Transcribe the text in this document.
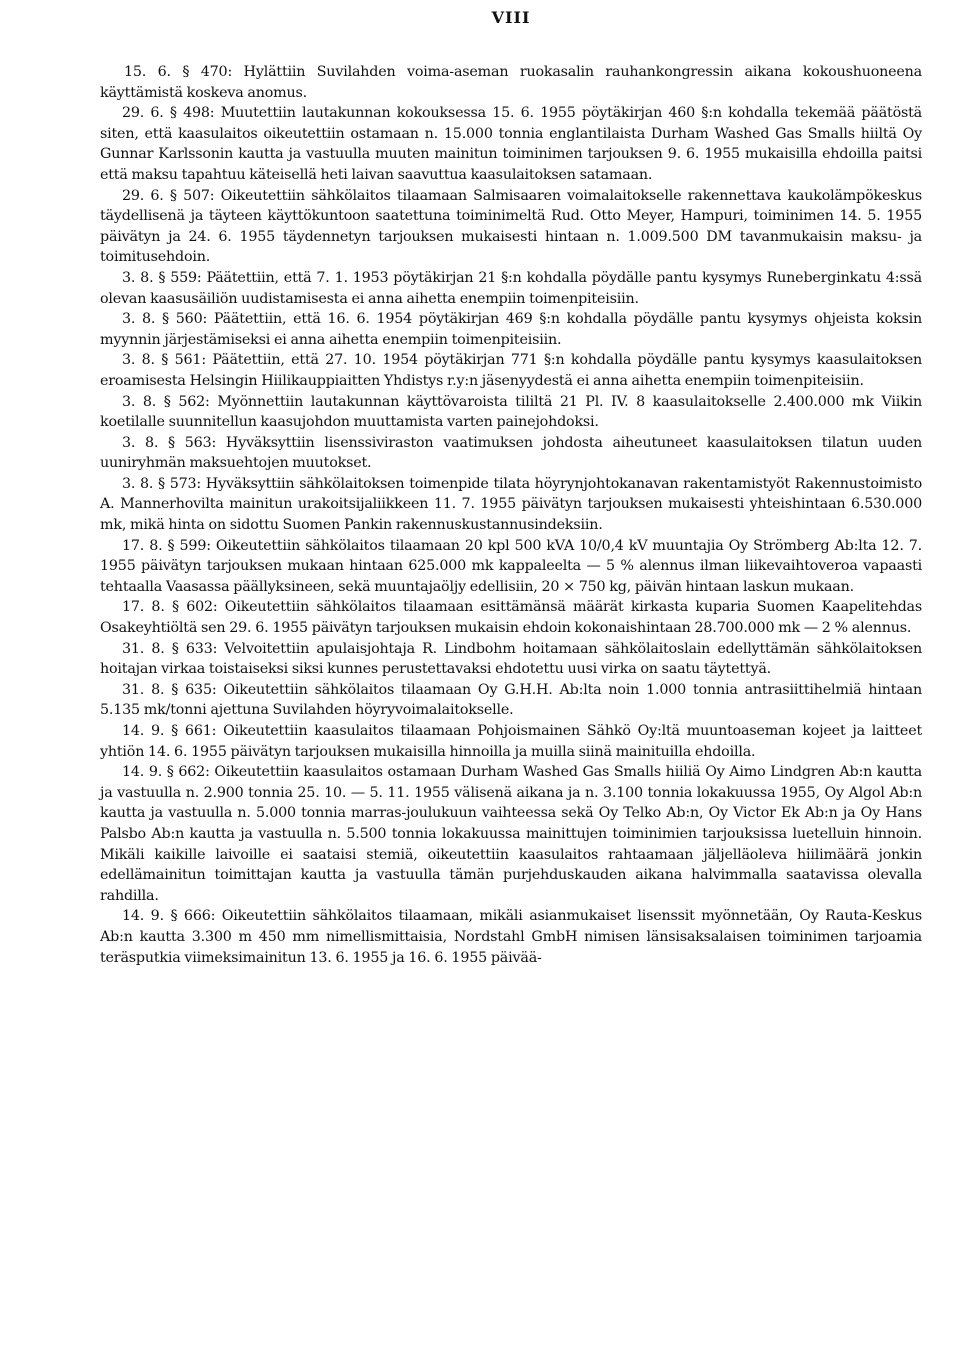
VIII

15. 6. § 470: Hylättiin Suvilahden voima-aseman ruokasalin rauhankongressin aikana kokoushuoneena käyttämistä koskeva anomus.

29. 6. § 498: Muutettiin lautakunnan kokouksessa 15. 6. 1955 pöytäkirjan 460 §:n kohdalla tekemää päätöstä siten, että kaasulaitos oikeutettiin ostamaan n. 15.000 tonnia englantilaista Durham Washed Gas Smalls hiiltä Oy Gunnar Karlssonin kautta ja vastuulla muuten mainitun toiminimen tarjouksen 9. 6. 1955 mukaisilla ehdoilla paitsi että maksu tapahtuu käteisellä heti laivan saavuttua kaasulaitoksen satamaan.

29. 6. § 507: Oikeutettiin sähkölaitos tilaamaan Salmisaaren voimalaitokselle rakennettava kaukolämpökeskus täydellisenä ja täyteen käyttökuntoon saatettuna toiminimeltä Rud. Otto Meyer, Hampuri, toiminimen 14. 5. 1955 päivätyn ja 24. 6. 1955 täydennetyn tarjouksen mukaisesti hintaan n. 1.009.500 DM tavanmukaisin maksu- ja toimitusehdoin.

3. 8. § 559: Päätettiin, että 7. 1. 1953 pöytäkirjan 21 §:n kohdalla pöydälle pantu kysymys Runeberginkatu 4:ssä olevan kaasusäiliön uudistamisesta ei anna aihetta enempiin toimenpiteisiin.

3. 8. § 560: Päätettiin, että 16. 6. 1954 pöytäkirjan 469 §:n kohdalla pöydälle pantu kysymys ohjeista koksin myynnin järjestämiseksi ei anna aihetta enempiin toimenpiteisiin.

3. 8. § 561: Päätettiin, että 27. 10. 1954 pöytäkirjan 771 §:n kohdalla pöydälle pantu kysymys kaasulaitoksen eroamisesta Helsingin Hiilikauppiaitten Yhdistys r.y:n jäsenyydestä ei anna aihetta enempiin toimenpiteisiin.

3. 8. § 562: Myönnettiin lautakunnan käyttövaroista tililtä 21 Pl. IV. 8 kaasulaitokselle 2.400.000 mk Viikin koetilalle suunnitellun kaasujohdon muuttamista varten painejohdoksi.

3. 8. § 563: Hyväksyttiin lisenssiviraston vaatimuksen johdosta aiheutuneet kaasulaitoksen tilatun uuden uuniryhmän maksuehtojen muutokset.

3. 8. § 573: Hyväksyttiin sähkölaitoksen toimenpide tilata höyrynjohtokanavan rakentamistyöt Rakennustoimisto A. Mannerhovilta mainitun urakoitsijaliikkeen 11. 7. 1955 päivätyn tarjouksen mukaisesti yhteishintaan 6.530.000 mk, mikä hinta on sidottu Suomen Pankin rakennuskustannusindeksiin.

17. 8. § 599: Oikeutettiin sähkölaitos tilaamaan 20 kpl 500 kVA 10/0,4 kV muuntajia Oy Strömberg Ab:lta 12. 7. 1955 päivätyn tarjouksen mukaan hintaan 625.000 mk kappaleelta — 5 % alennus ilman liikevaihtoveroa vapaasti tehtaalla Vaasassa päällyksineen, sekä muuntajaöljy edellisiin, 20 × 750 kg, päivän hintaan laskun mukaan.

17. 8. § 602: Oikeutettiin sähkölaitos tilaamaan esittämänsä määrät kirkasta kuparia Suomen Kaapelitehdas Osakeyhtiöltä sen 29. 6. 1955 päivätyn tarjouksen mukaisin ehdoin kokonaishintaan 28.700.000 mk — 2 % alennus.

31. 8. § 633: Velvoitettiin apulaisjohtaja R. Lindbohm hoitamaan sähkölaitoslain edellyttämän sähkölaitoksen hoitajan virkaa toistaiseksi siksi kunnes perustettavaksi ehdotettu uusi virka on saatu täytettyä.

31. 8. § 635: Oikeutettiin sähkölaitos tilaamaan Oy G.H.H. Ab:lta noin 1.000 tonnia antrasiittihelmiä hintaan 5.135 mk/tonni ajettuna Suvilahden höyryvoimalaitokselle.

14. 9. § 661: Oikeutettiin kaasulaitos tilaamaan Pohjoismainen Sähkö Oy:ltä muuntoaseman kojeet ja laitteet yhtiön 14. 6. 1955 päivätyn tarjouksen mukaisilla hinnoilla ja muilla siinä mainituilla ehdoilla.

14. 9. § 662: Oikeutettiin kaasulaitos ostamaan Durham Washed Gas Smalls hiiliä Oy Aimo Lindgren Ab:n kautta ja vastuulla n. 2.900 tonnia 25. 10. — 5. 11. 1955 välisenä aikana ja n. 3.100 tonnia lokakuussa 1955, Oy Algol Ab:n kautta ja vastuulla n. 5.000 tonnia marras-joulukuun vaihteessa sekä Oy Telko Ab:n, Oy Victor Ek Ab:n ja Oy Hans Palsbo Ab:n kautta ja vastuulla n. 5.500 tonnia lokakuussa mainittujen toiminimien tarjouksissa luetelluin hinnoin. Mikäli kaikille laivoille ei saataisi stemiä, oikeutettiin kaasulaitos rahtaamaan jäljelläoleva hiilimäärä jonkin edellämainitun toimittajan kautta ja vastuulla tämän purjehduskauden aikana halvimmalla saatavissa olevalla rahdilla.

14. 9. § 666: Oikeutettiin sähkölaitos tilaamaan, mikäli asianmukaiset lisenssit myönnetään, Oy Rauta-Keskus Ab:n kautta 3.300 m 450 mm nimellismittaisia, Nordstahl GmbH nimisen länsisaksalaisen toiminimen tarjoamia teräsputkia viimeksimainitun 13. 6. 1955 ja 16. 6. 1955 päivää-
